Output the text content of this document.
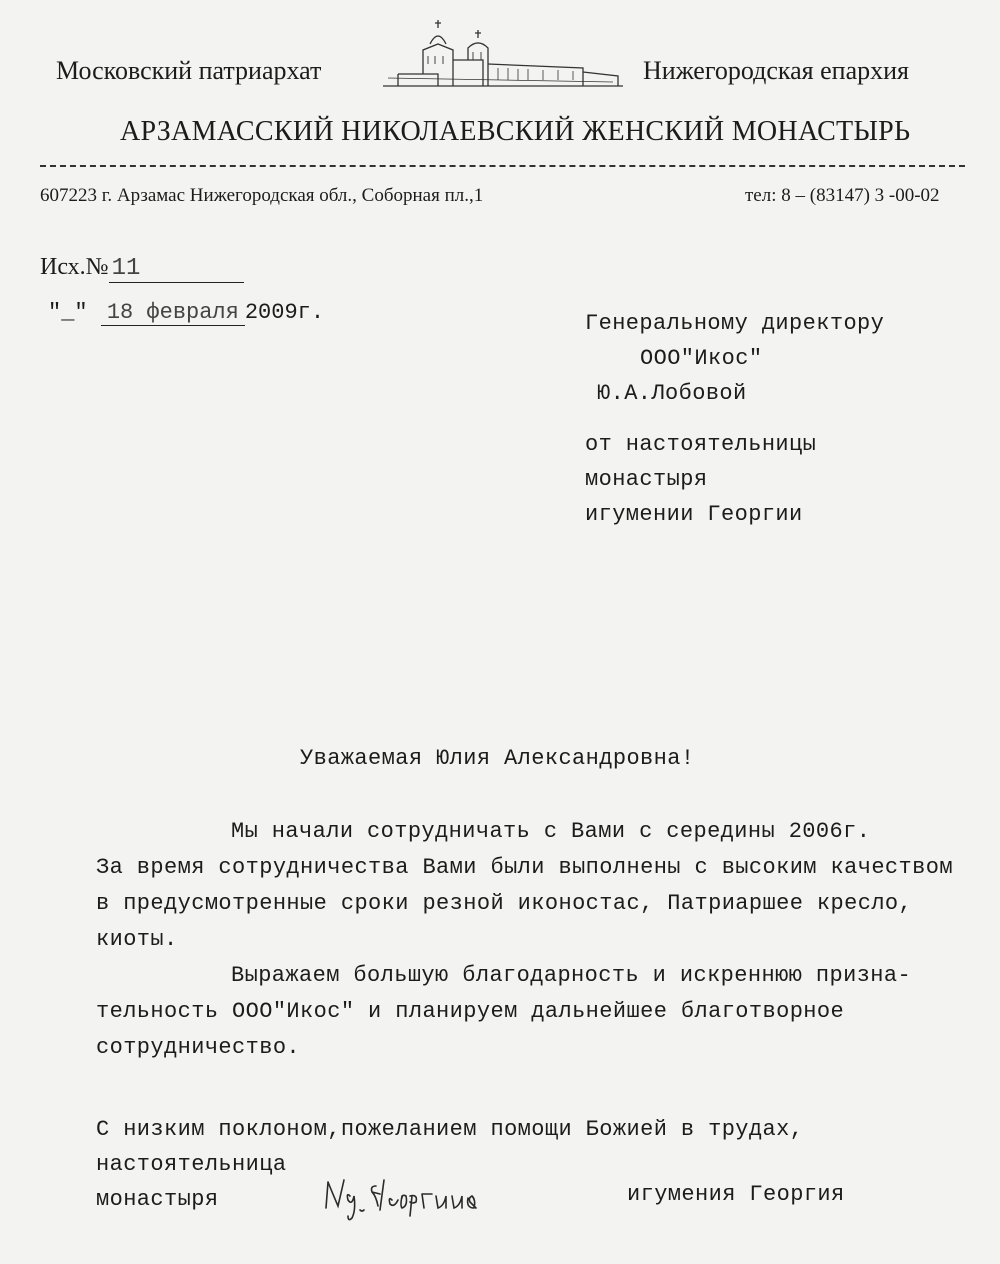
Московский патриархат	Нижегородская епархия
АРЗАМАССКИЙ НИКОЛАЕВСКИЙ ЖЕНСКИЙ МОНАСТЫРЬ
607223 г. Арзамас Нижегородская обл., Соборная пл.,1	тел: 8 – (83147) 3 -00-02
Исх.№ 11
"_" 18 февраля 2009г.	Генеральному директору
ООО"Икос"
Ю.А.Лобовой
от настоятельницы
монастыря
игумении Георгии
Уважаемая Юлия Александровна!
Мы начали сотрудничать с Вами с середины 2006г.
За время сотрудничества Вами были выполнены с высоким качеством
в предусмотренные сроки резной иконостас, Патриаршее кресло,
киоты.
Выражаем большую благодарность и искреннюю призна-
тельность ООО"Икос" и планируем дальнейшее благотворное
сотрудничество.
С низким поклоном,пожеланием помощи Божией в трудах,
настоятельница
монастыря	игумения Георгия
